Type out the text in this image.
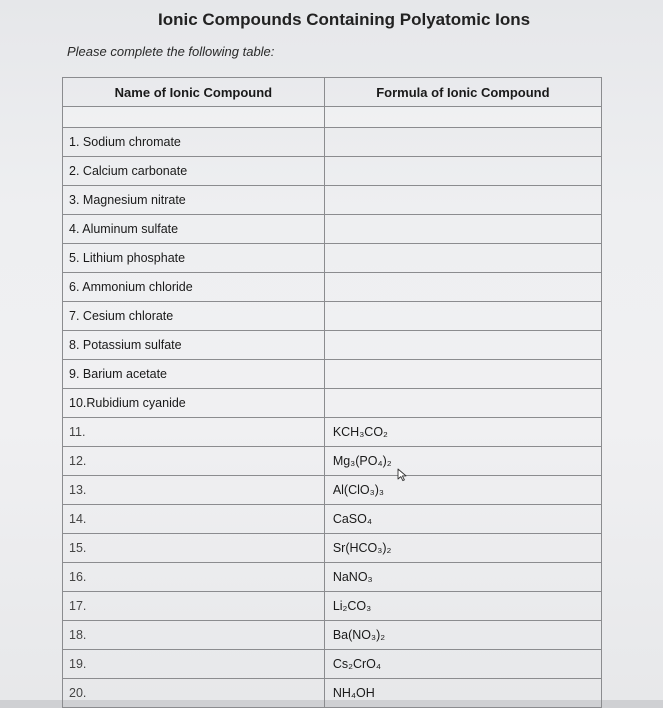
Ionic Compounds Containing Polyatomic Ions
Please complete the following table:
Name of Ionic Compound	Formula of Ionic Compound

1. Sodium chromate	
2. Calcium carbonate	
3. Magnesium nitrate	
4. Aluminum sulfate	
5. Lithium phosphate	
6. Ammonium chloride	
7. Cesium chlorate	
8. Potassium sulfate	
9. Barium acetate	
10.Rubidium cyanide	
11.	KCH₃CO₂
12.	Mg₃(PO₄)₂
13.	Al(ClO₃)₃
14.	CaSO₄
15.	Sr(HCO₃)₂
16.	NaNO₃
17.	Li₂CO₃
18.	Ba(NO₃)₂
19.	Cs₂CrO₄
20.	NH₄OH
